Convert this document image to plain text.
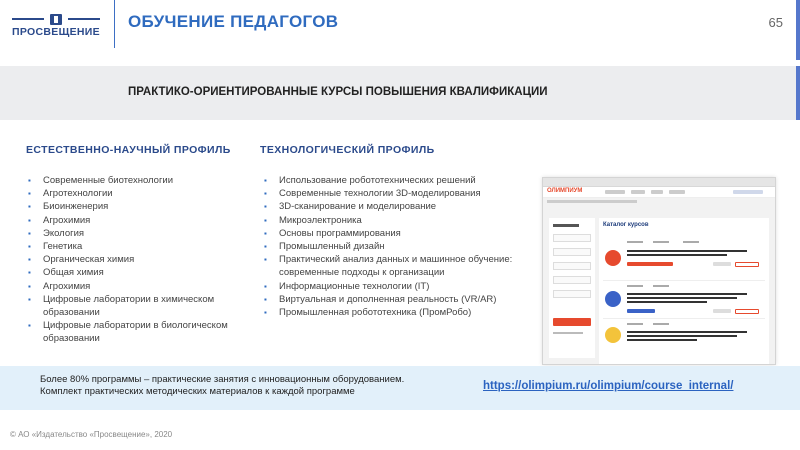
ПРОСВЕЩЕНИЕ
ОБУЧЕНИЕ ПЕДАГОГОВ	65
ПРАКТИКО-ОРИЕНТИРОВАННЫЕ КУРСЫ ПОВЫШЕНИЯ КВАЛИФИКАЦИИ
ЕСТЕСТВЕННО-НАУЧНЫЙ ПРОФИЛЬ
▪ Современные биотехнологии
▪ Агротехнологии
▪ Биоинженерия
▪ Агрохимия
▪ Экология
▪ Генетика
▪ Органическая химия
▪ Общая химия
▪ Агрохимия
▪ Цифровые лаборатории в химическом образовании
▪ Цифровые лаборатории в биологическом образовании
ТЕХНОЛОГИЧЕСКИЙ ПРОФИЛЬ
▪ Использование робототехнических решений
▪ Современные технологии 3D-моделирования
▪ 3D-сканирование и моделирование
▪ Микроэлектроника
▪ Основы программирования
▪ Промышленный дизайн
▪ Практический анализ данных и машинное обучение: современные подходы к организации
▪ Информационные технологии (IT)
▪ Виртуальная и дополненная реальность (VR/AR)
▪ Промышленная робототехника (ПромРобо)
ОЛИМПИУМ
Каталог курсов
Более 80% программы – практические занятия с инновационным оборудованием.
Комплект практических методических материалов к каждой программе	https://olimpium.ru/olimpium/course_internal/
© АО «Издательство «Просвещение», 2020
